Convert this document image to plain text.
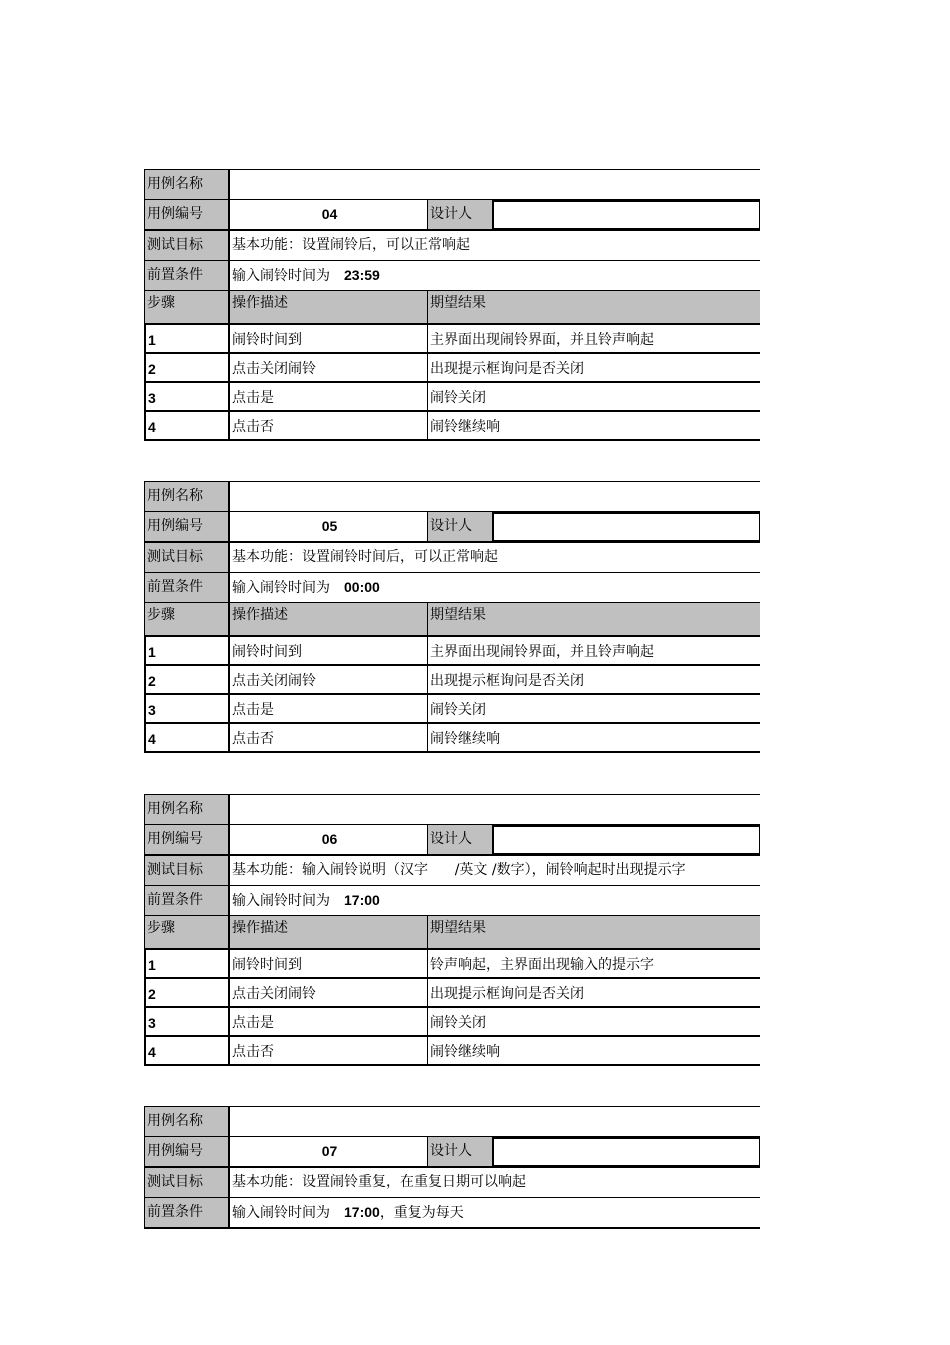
用例名称
用例编号	04	设计人
测试目标	基本功能：设置闹铃后，可以正常响起
前置条件	输入闹铃时间为 23:59
步骤	操作描述	期望结果
1	闹铃时间到	主界面出现闹铃界面，并且铃声响起
2	点击关闭闹铃	出现提示框询问是否关闭
3	点击是	闹铃关闭
4	点击否	闹铃继续响
用例名称
用例编号	05	设计人
测试目标	基本功能：设置闹铃时间后，可以正常响起
前置条件	输入闹铃时间为 00:00
步骤	操作描述	期望结果
1	闹铃时间到	主界面出现闹铃界面，并且铃声响起
2	点击关闭闹铃	出现提示框询问是否关闭
3	点击是	闹铃关闭
4	点击否	闹铃继续响
用例名称
用例编号	06	设计人
测试目标	基本功能：输入闹铃说明（汉字      /英文 /数字），闹铃响起时出现提示字
前置条件	输入闹铃时间为 17:00
步骤	操作描述	期望结果
1	闹铃时间到	铃声响起，主界面出现输入的提示字
2	点击关闭闹铃	出现提示框询问是否关闭
3	点击是	闹铃关闭
4	点击否	闹铃继续响
用例名称
用例编号	07	设计人
测试目标	基本功能：设置闹铃重复，在重复日期可以响起
前置条件	输入闹铃时间为 17:00，重复为每天
